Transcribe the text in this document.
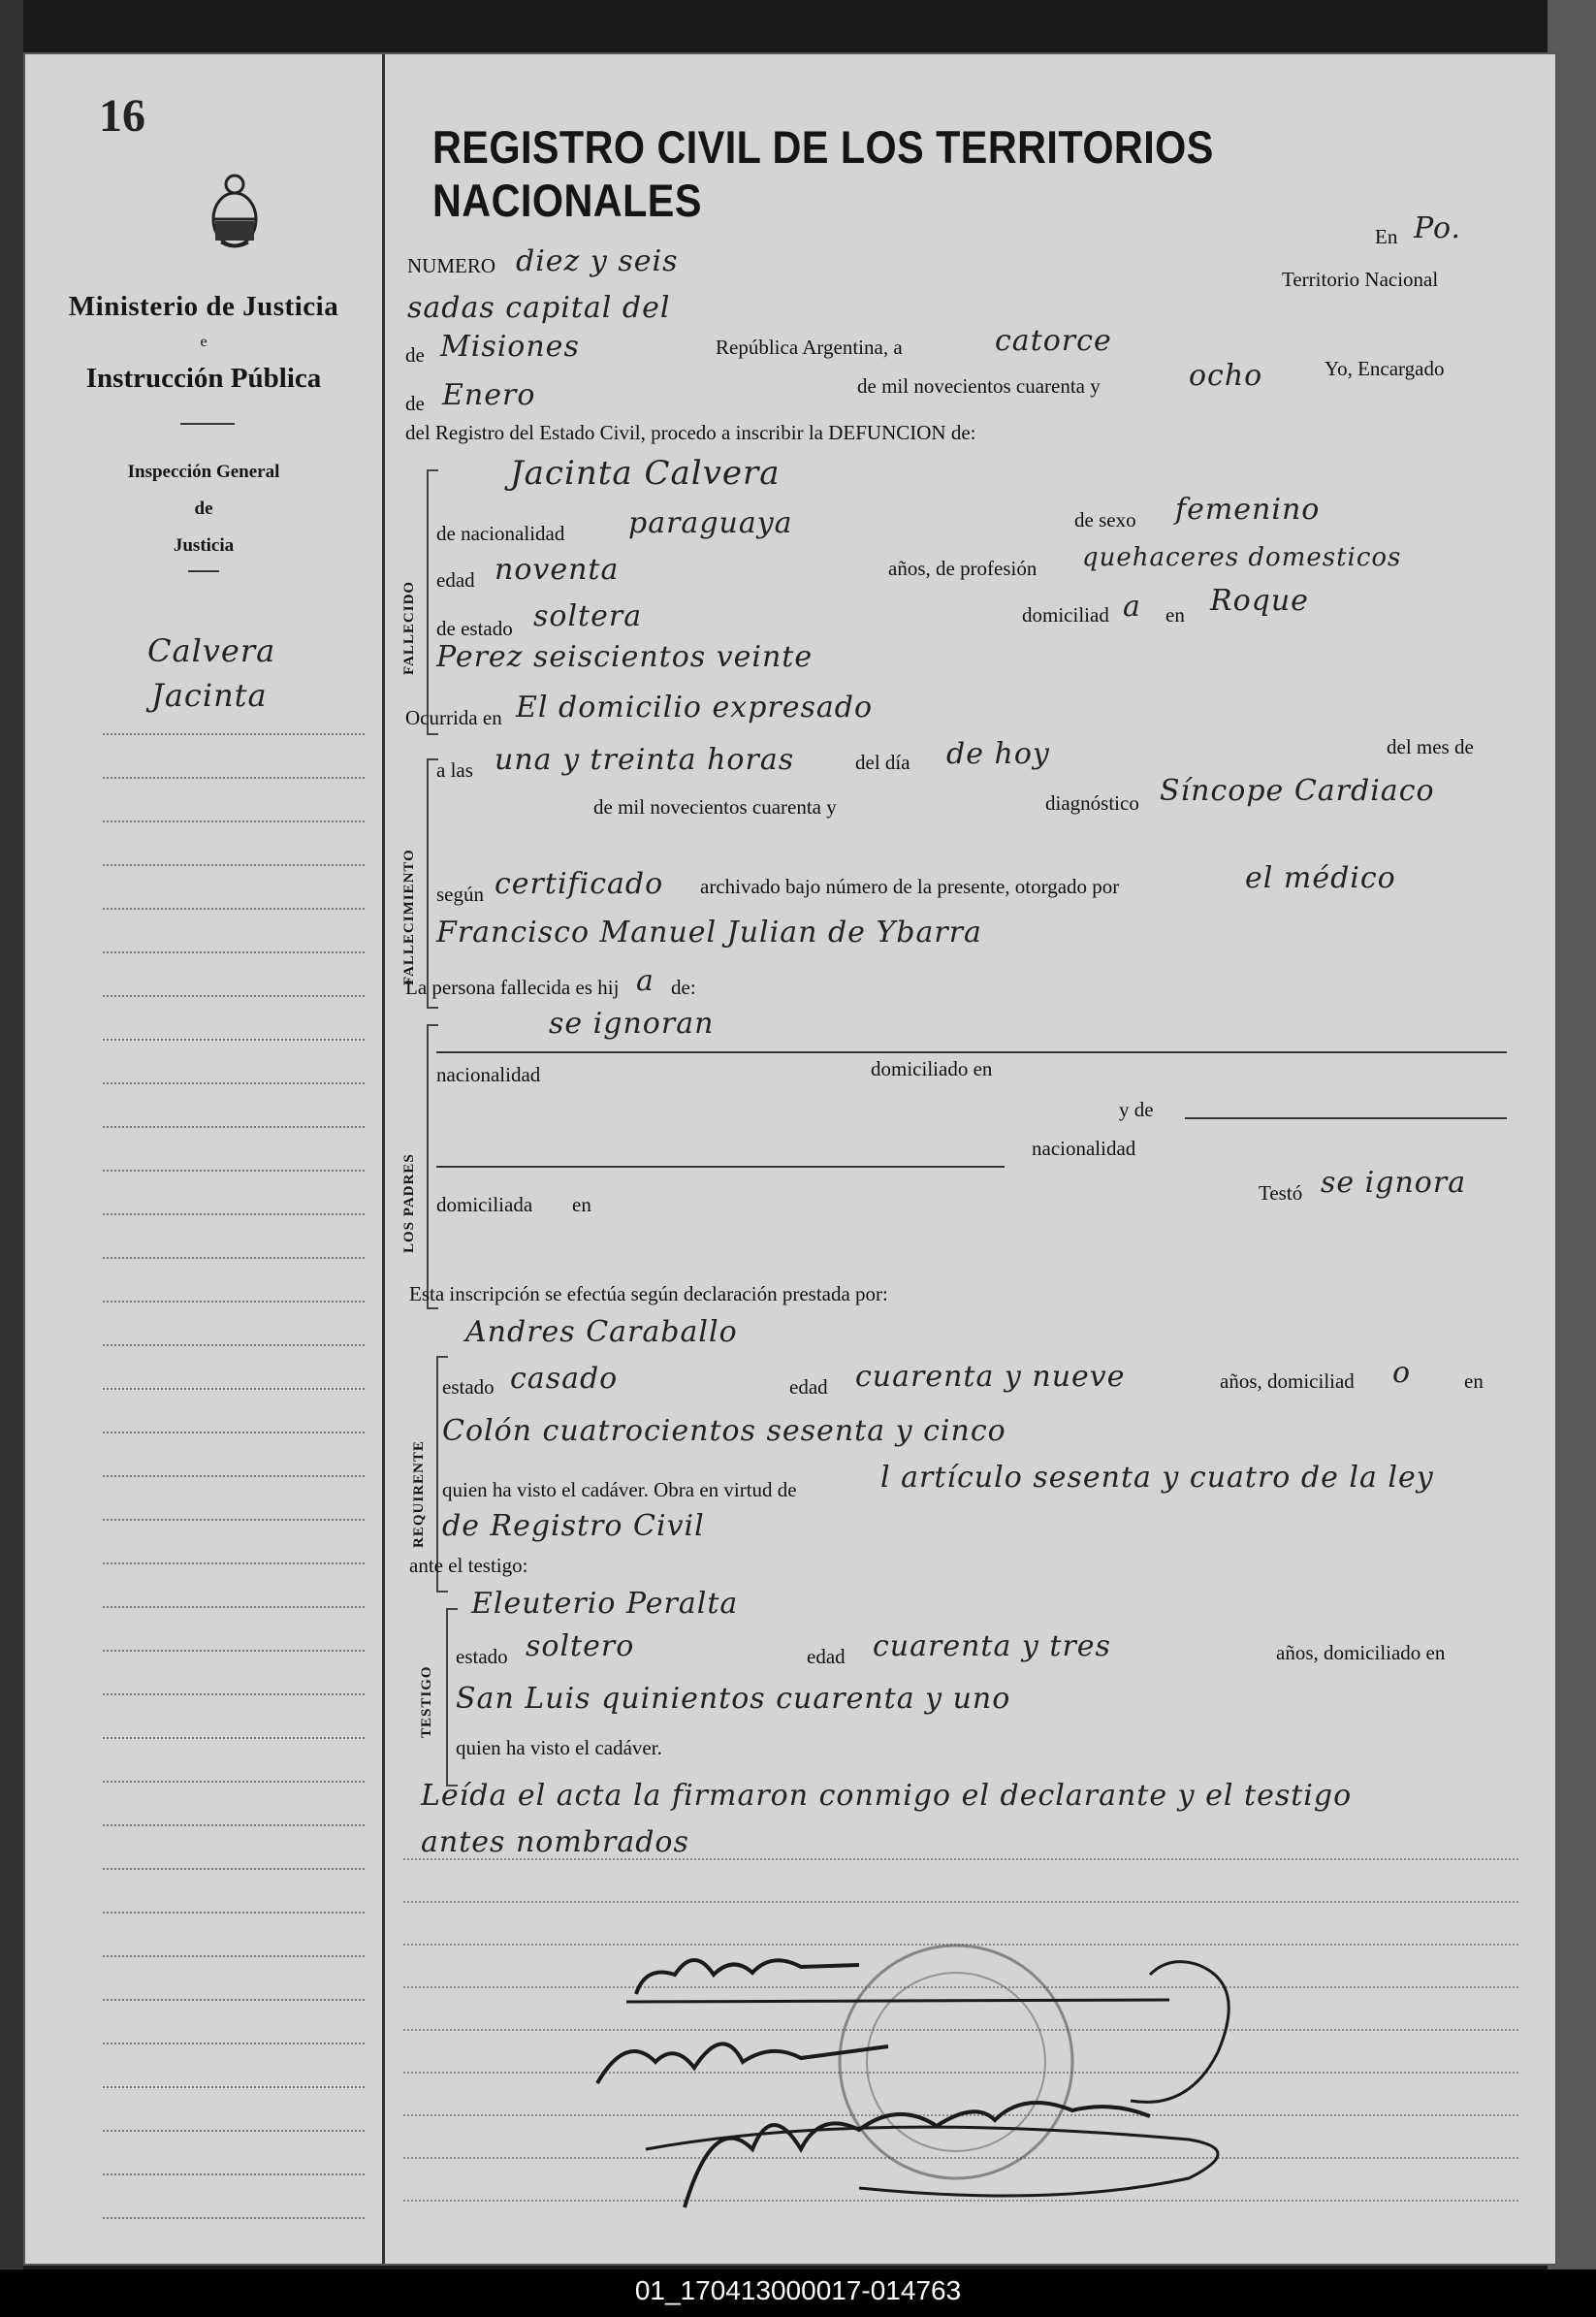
16
Ministerio de Justicia
e
Instrucción Pública
Inspección General
de
Justicia
Calvera
Jacinta
REGISTRO CIVIL DE LOS TERRITORIOS NACIONALES
NUMERO diez y seis
En Po.
sadas capital del
Territorio Nacional
de Misiones	República Argentina, a	catorce
de Enero	de mil novecientos cuarenta y	ocho	Yo, Encargado
del Registro del Estado Civil, procedo a inscribir la DEFUNCION de:
FALLECIDO
Jacinta Calvera
de nacionalidad paraguaya	de sexo femenino
edad noventa	años, de profesión quehaceres domesticos
de estado soltera	domiciliad a en Roque
Perez seiscientos veinte
Ocurrida en El domicilio expresado
FALLECIMIENTO
a las una y treinta horas	del día de hoy	del mes de
de mil novecientos cuarenta y	diagnóstico Síncope Cardiaco
según certificado archivado bajo número de la presente, otorgado por	el médico
Francisco Manuel Julian de Ybarra
La persona fallecida es hij a de:
LOS PADRES
se ignoran
nacionalidad	domiciliado en
y de
nacionalidad
domiciliada en	Testó se ignora
Esta inscripción se efectúa según declaración prestada por:
REQUIRENTE
Andres Caraballo
estado casado	edad cuarenta y nueve	años, domiciliad o	en
Colón cuatrocientos sesenta y cinco
quien ha visto el cadáver. Obra en virtud de	l artículo sesenta y cuatro de la ley
de Registro Civil
ante el testigo:
TESTIGO
Eleuterio Peralta
estado soltero	edad cuarenta y tres	años, domiciliado en
San Luis quinientos cuarenta y uno
quien ha visto el cadáver.
Leída el acta la firmaron conmigo el declarante y el testigo
antes nombrados
01_170413000017-014763
